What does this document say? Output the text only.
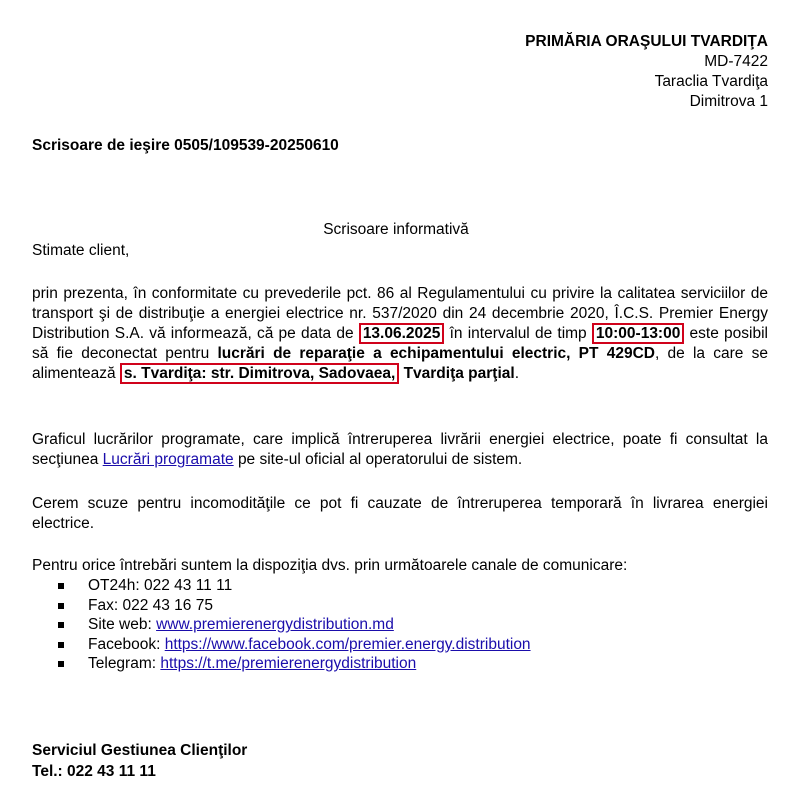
PRIMĂRIA ORAŞULUI TVARDIŢA
MD-7422
Taraclia Tvardiţa
Dimitrova 1
Scrisoare de ieşire 0505/109539-20250610
Scrisoare informativă
Stimate client,

prin prezenta, în conformitate cu prevederile pct. 86 al Regulamentului cu privire la calitatea serviciilor de transport şi de distribuţie a energiei electrice nr. 537/2020 din 24 decembrie 2020, Î.C.S. Premier Energy Distribution S.A. vă informează, că pe data de 13.06.2025 în intervalul de timp 10:00-13:00 este posibil să fie deconectat pentru lucrări de reparaţie a echipamentului electric, PT 429CD, de la care se alimentează s. Tvardiţa: str. Dimitrova, Sadovaea, Tvardiţa parţial.

Graficul lucrărilor programate, care implică întreruperea livrării energiei electrice, poate fi consultat la secţiunea Lucrări programate pe site-ul oficial al operatorului de sistem.

Cerem scuze pentru incomodităţile ce pot fi cauzate de întreruperea temporară în livrarea energiei electrice.

Pentru orice întrebări suntem la dispoziţia dvs. prin următoarele canale de comunicare:

OT24h: 022 43 11 11
Fax: 022 43 16 75
Site web: www.premierenergydistribution.md
Facebook: https://www.facebook.com/premier.energy.distribution
Telegram: https://t.me/premierenergydistribution
Serviciul Gestiunea Clienţilor
Tel.: 022 43 11 11
